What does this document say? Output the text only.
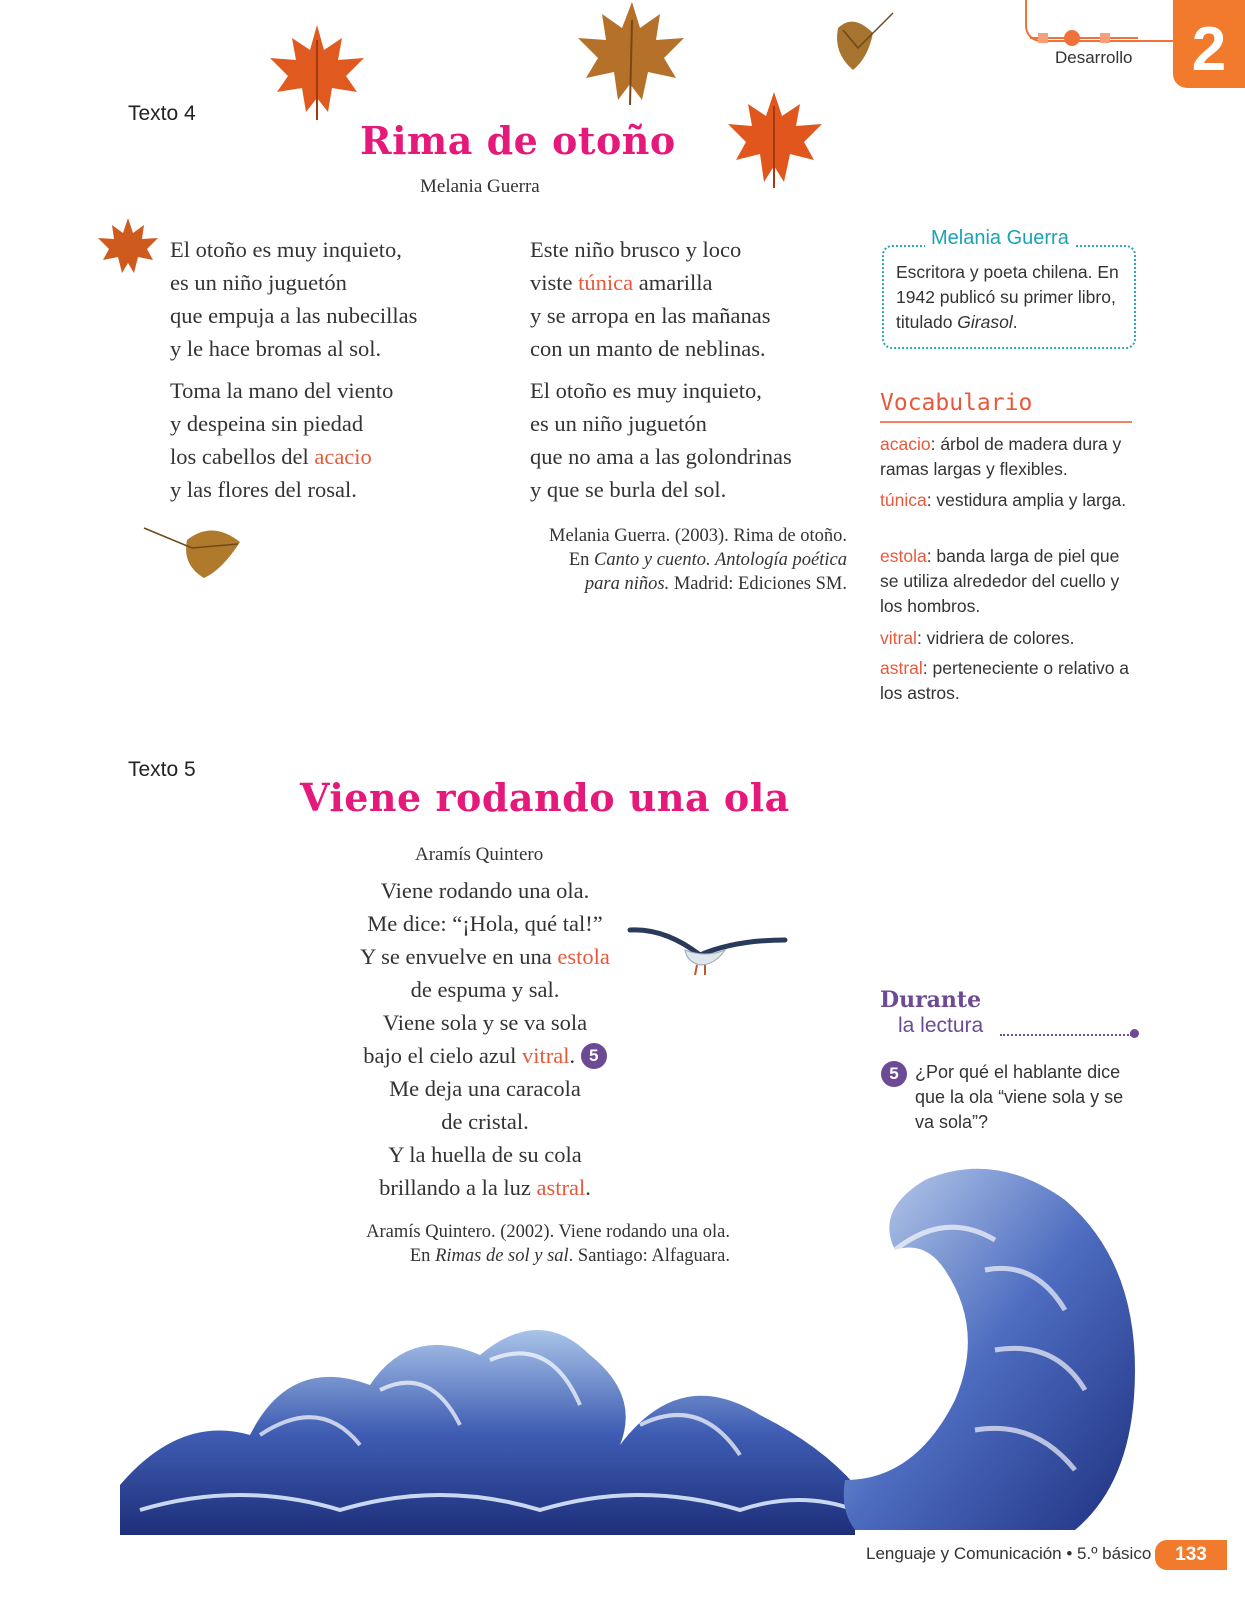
Desarrollo 2
Texto 4
Rima de otoño
Melania Guerra

El otoño es muy inquieto,

es un niño juguetón

que empuja a las nubecillas

y le hace bromas al sol.

Toma la mano del viento

y despeina sin piedad

los cabellos del acacio

y las flores del rosal.

Este niño brusco y loco

viste túnica amarilla

y se arropa en las mañanas

con un manto de neblinas.

El otoño es muy inquieto,

es un niño juguetón

que no ama a las golondrinas

y que se burla del sol.

Melania Guerra. (2003). Rima de otoño.
En Canto y cuento. Antología poética
para niños. Madrid: Ediciones SM.
Melania Guerra
Escritora y poeta chilena. En 1942 publicó su primer libro, titulado Girasol.
Vocabulario
acacio: árbol de madera dura y ramas largas y flexibles.
túnica: vestidura amplia y larga.
estola: banda larga de piel que se utiliza alrededor del cuello y los hombros.
vitral: vidriera de colores.
astral: perteneciente o relativo a los astros.
Texto 5
Viene rodando una ola
Aramís Quintero

Viene rodando una ola.

Me dice: “¡Hola, qué tal!”

Y se envuelve en una estola

de espuma y sal.

Viene sola y se va sola

bajo el cielo azul vitral. 5

Me deja una caracola

de cristal.

Y la huella de su cola

brillando a la luz astral.

Aramís Quintero. (2002). Viene rodando una ola.
En Rimas de sol y sal. Santiago: Alfaguara.
Durante
la lectura
5 ¿Por qué el hablante dice que la ola “viene sola y se va sola”?
Lenguaje y Comunicación • 5.º básico	133
